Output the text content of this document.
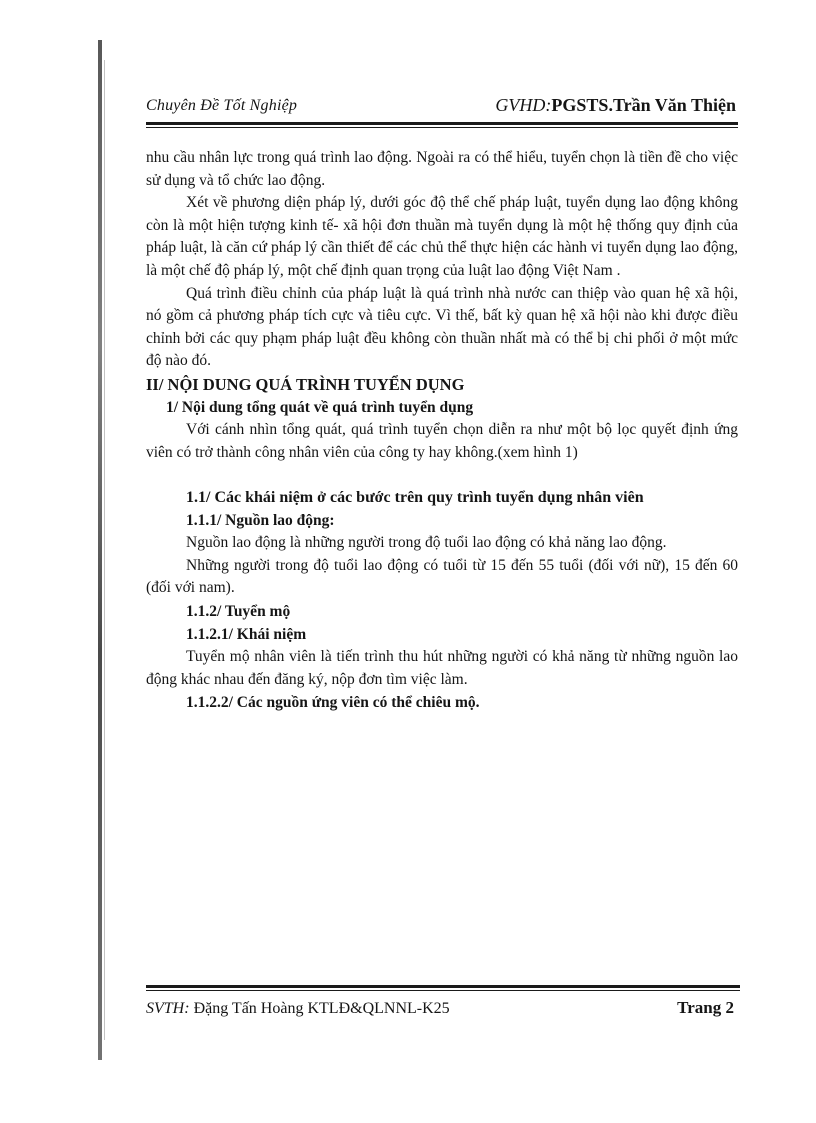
Chuyên Đề Tốt Nghiệp	GVHD:PGSTS.Trần Văn Thiện

nhu cầu nhân lực trong quá trình lao động. Ngoài ra có thể hiểu, tuyển chọn là tiền đề cho việc sử dụng và tổ chức lao động.

Xét về phương diện pháp lý, dưới góc độ thể chế pháp luật, tuyển dụng lao động không còn là một hiện tượng kinh tế- xã hội đơn thuần mà tuyển dụng là một hệ thống quy định của pháp luật, là căn cứ pháp lý cần thiết để các chủ thể thực hiện các hành vi tuyển dụng lao động, là một chế độ pháp lý, một chế định quan trọng của luật lao động Việt Nam .

Quá trình điều chỉnh của pháp luật là quá trình nhà nước can thiệp vào quan hệ xã hội, nó gồm cả phương pháp tích cực và tiêu cực. Vì thế, bất kỳ quan hệ xã hội nào khi được điều chỉnh bởi các quy phạm pháp luật đều không còn thuần nhất mà có thể bị chi phối ở một mức độ nào đó.

II/ NỘI DUNG QUÁ TRÌNH TUYỂN DỤNG

1/ Nội dung tổng quát về quá trình tuyển dụng

Với cánh nhìn tổng quát, quá trình tuyển chọn diễn ra như một bộ lọc quyết định ứng viên có trở thành công nhân viên của công ty hay không.(xem hình 1)

1.1/ Các khái niệm ở các bước trên quy trình tuyển dụng nhân viên

1.1.1/ Nguồn lao động:

Nguồn lao động là những người trong độ tuổi lao động có khả năng lao động.

Những người trong độ tuổi lao động có tuổi từ 15 đến 55 tuổi (đối với nữ), 15 đến 60 (đối với nam).

1.1.2/ Tuyển mộ

1.1.2.1/ Khái niệm

Tuyển mộ nhân viên là tiến trình thu hút những người có khả năng từ những nguồn lao động khác nhau đến đăng ký, nộp đơn tìm việc làm.

1.1.2.2/ Các nguồn ứng viên có thể chiêu mộ.

SVTH: Đặng Tấn Hoàng KTLĐ&QLNNL-K25	Trang 2
